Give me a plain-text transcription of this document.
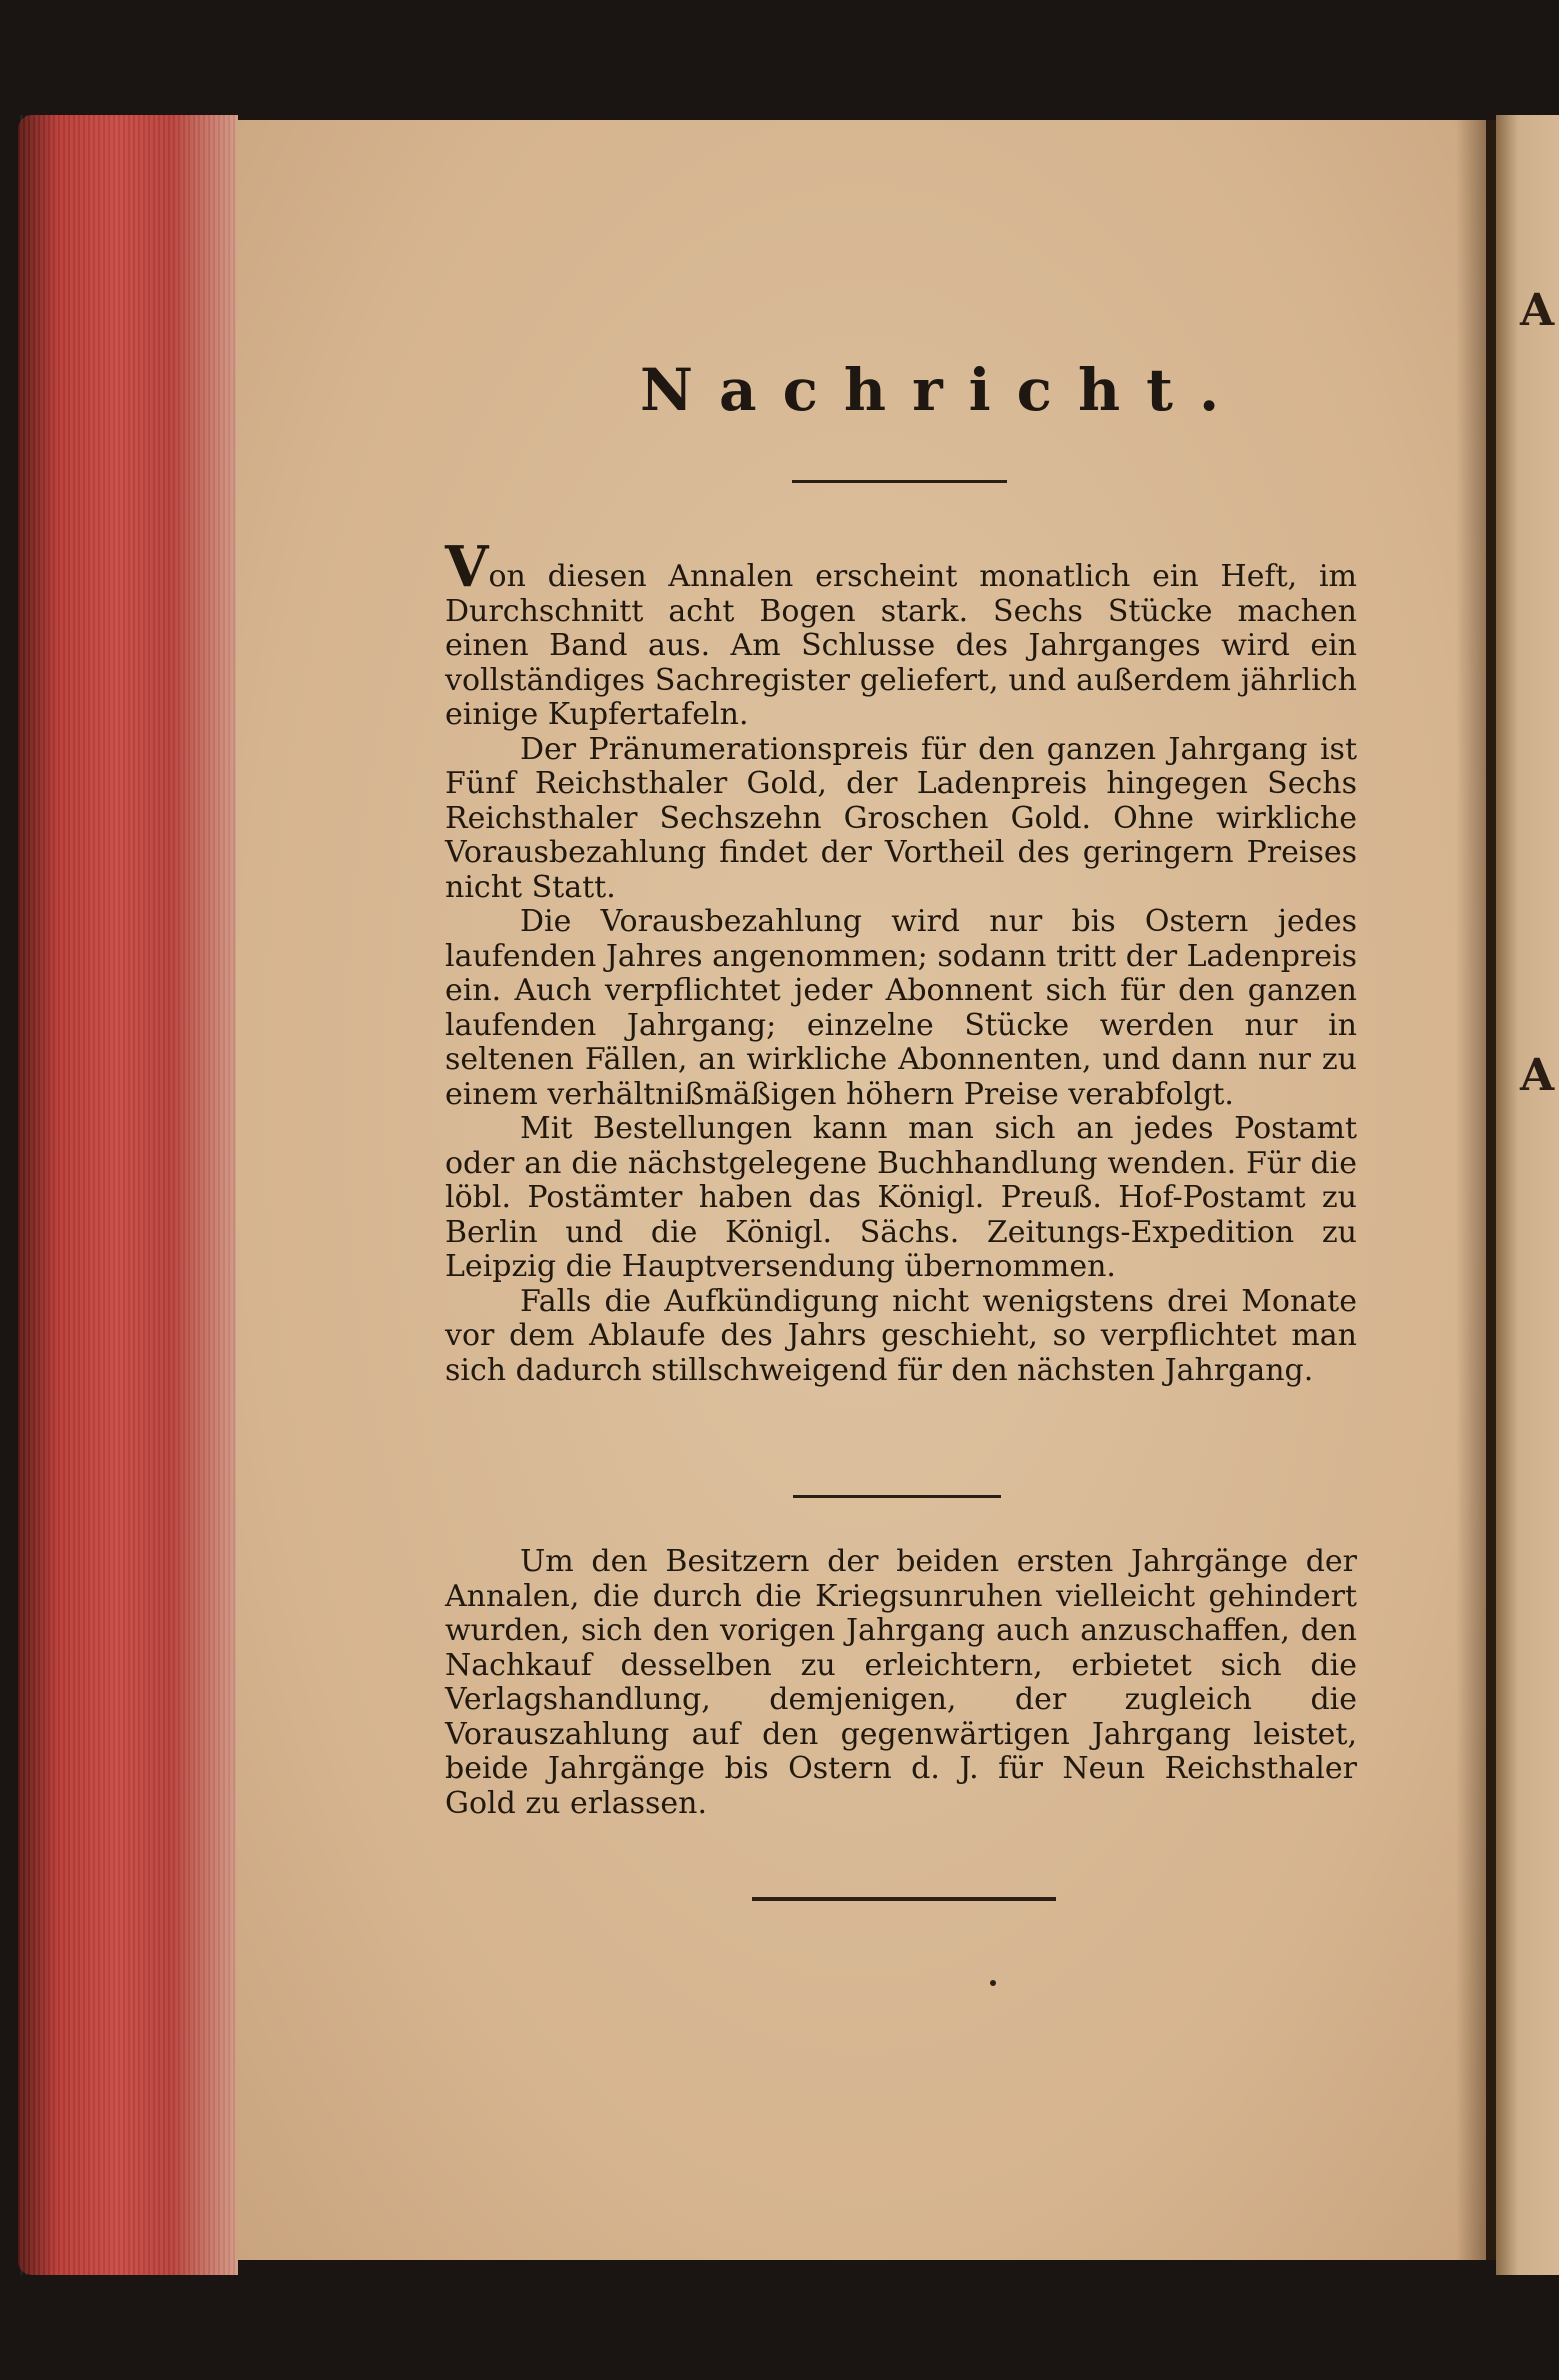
A
A
Nachricht.

Von diesen Annalen erscheint monatlich ein Heft, im Durchschnitt acht Bogen stark. Sechs Stücke machen einen Band aus. Am Schlusse des Jahrganges wird ein vollständiges Sachregister geliefert, und außerdem jährlich einige Kupfertafeln.

Der Pränumerationspreis für den ganzen Jahrgang ist Fünf Reichsthaler Gold, der Ladenpreis hingegen Sechs Reichsthaler Sechszehn Groschen Gold. Ohne wirkliche Vorausbezahlung findet der Vortheil des geringern Preises nicht Statt.

Die Vorausbezahlung wird nur bis Ostern jedes laufenden Jahres angenommen; sodann tritt der Ladenpreis ein. Auch verpflichtet jeder Abonnent sich für den ganzen laufenden Jahrgang; einzelne Stücke werden nur in seltenen Fällen, an wirkliche Abonnenten, und dann nur zu einem verhältnißmäßigen höhern Preise verabfolgt.

Mit Bestellungen kann man sich an jedes Postamt oder an die nächstgelegene Buchhandlung wenden. Für die löbl. Postämter haben das Königl. Preuß. Hof-Postamt zu Berlin und die Königl. Sächs. Zeitungs-Expedition zu Leipzig die Hauptversendung übernommen.

Falls die Aufkündigung nicht wenigstens drei Monate vor dem Ablaufe des Jahrs geschieht, so verpflichtet man sich dadurch stillschweigend für den nächsten Jahrgang.

Um den Besitzern der beiden ersten Jahrgänge der Annalen, die durch die Kriegsunruhen vielleicht gehindert wurden, sich den vorigen Jahrgang auch anzuschaffen, den Nachkauf desselben zu erleichtern, erbietet sich die Verlagshandlung, demjenigen, der zugleich die Vorauszahlung auf den gegenwärtigen Jahrgang leistet, beide Jahrgänge bis Ostern d. J. für Neun Reichsthaler Gold zu erlassen.
